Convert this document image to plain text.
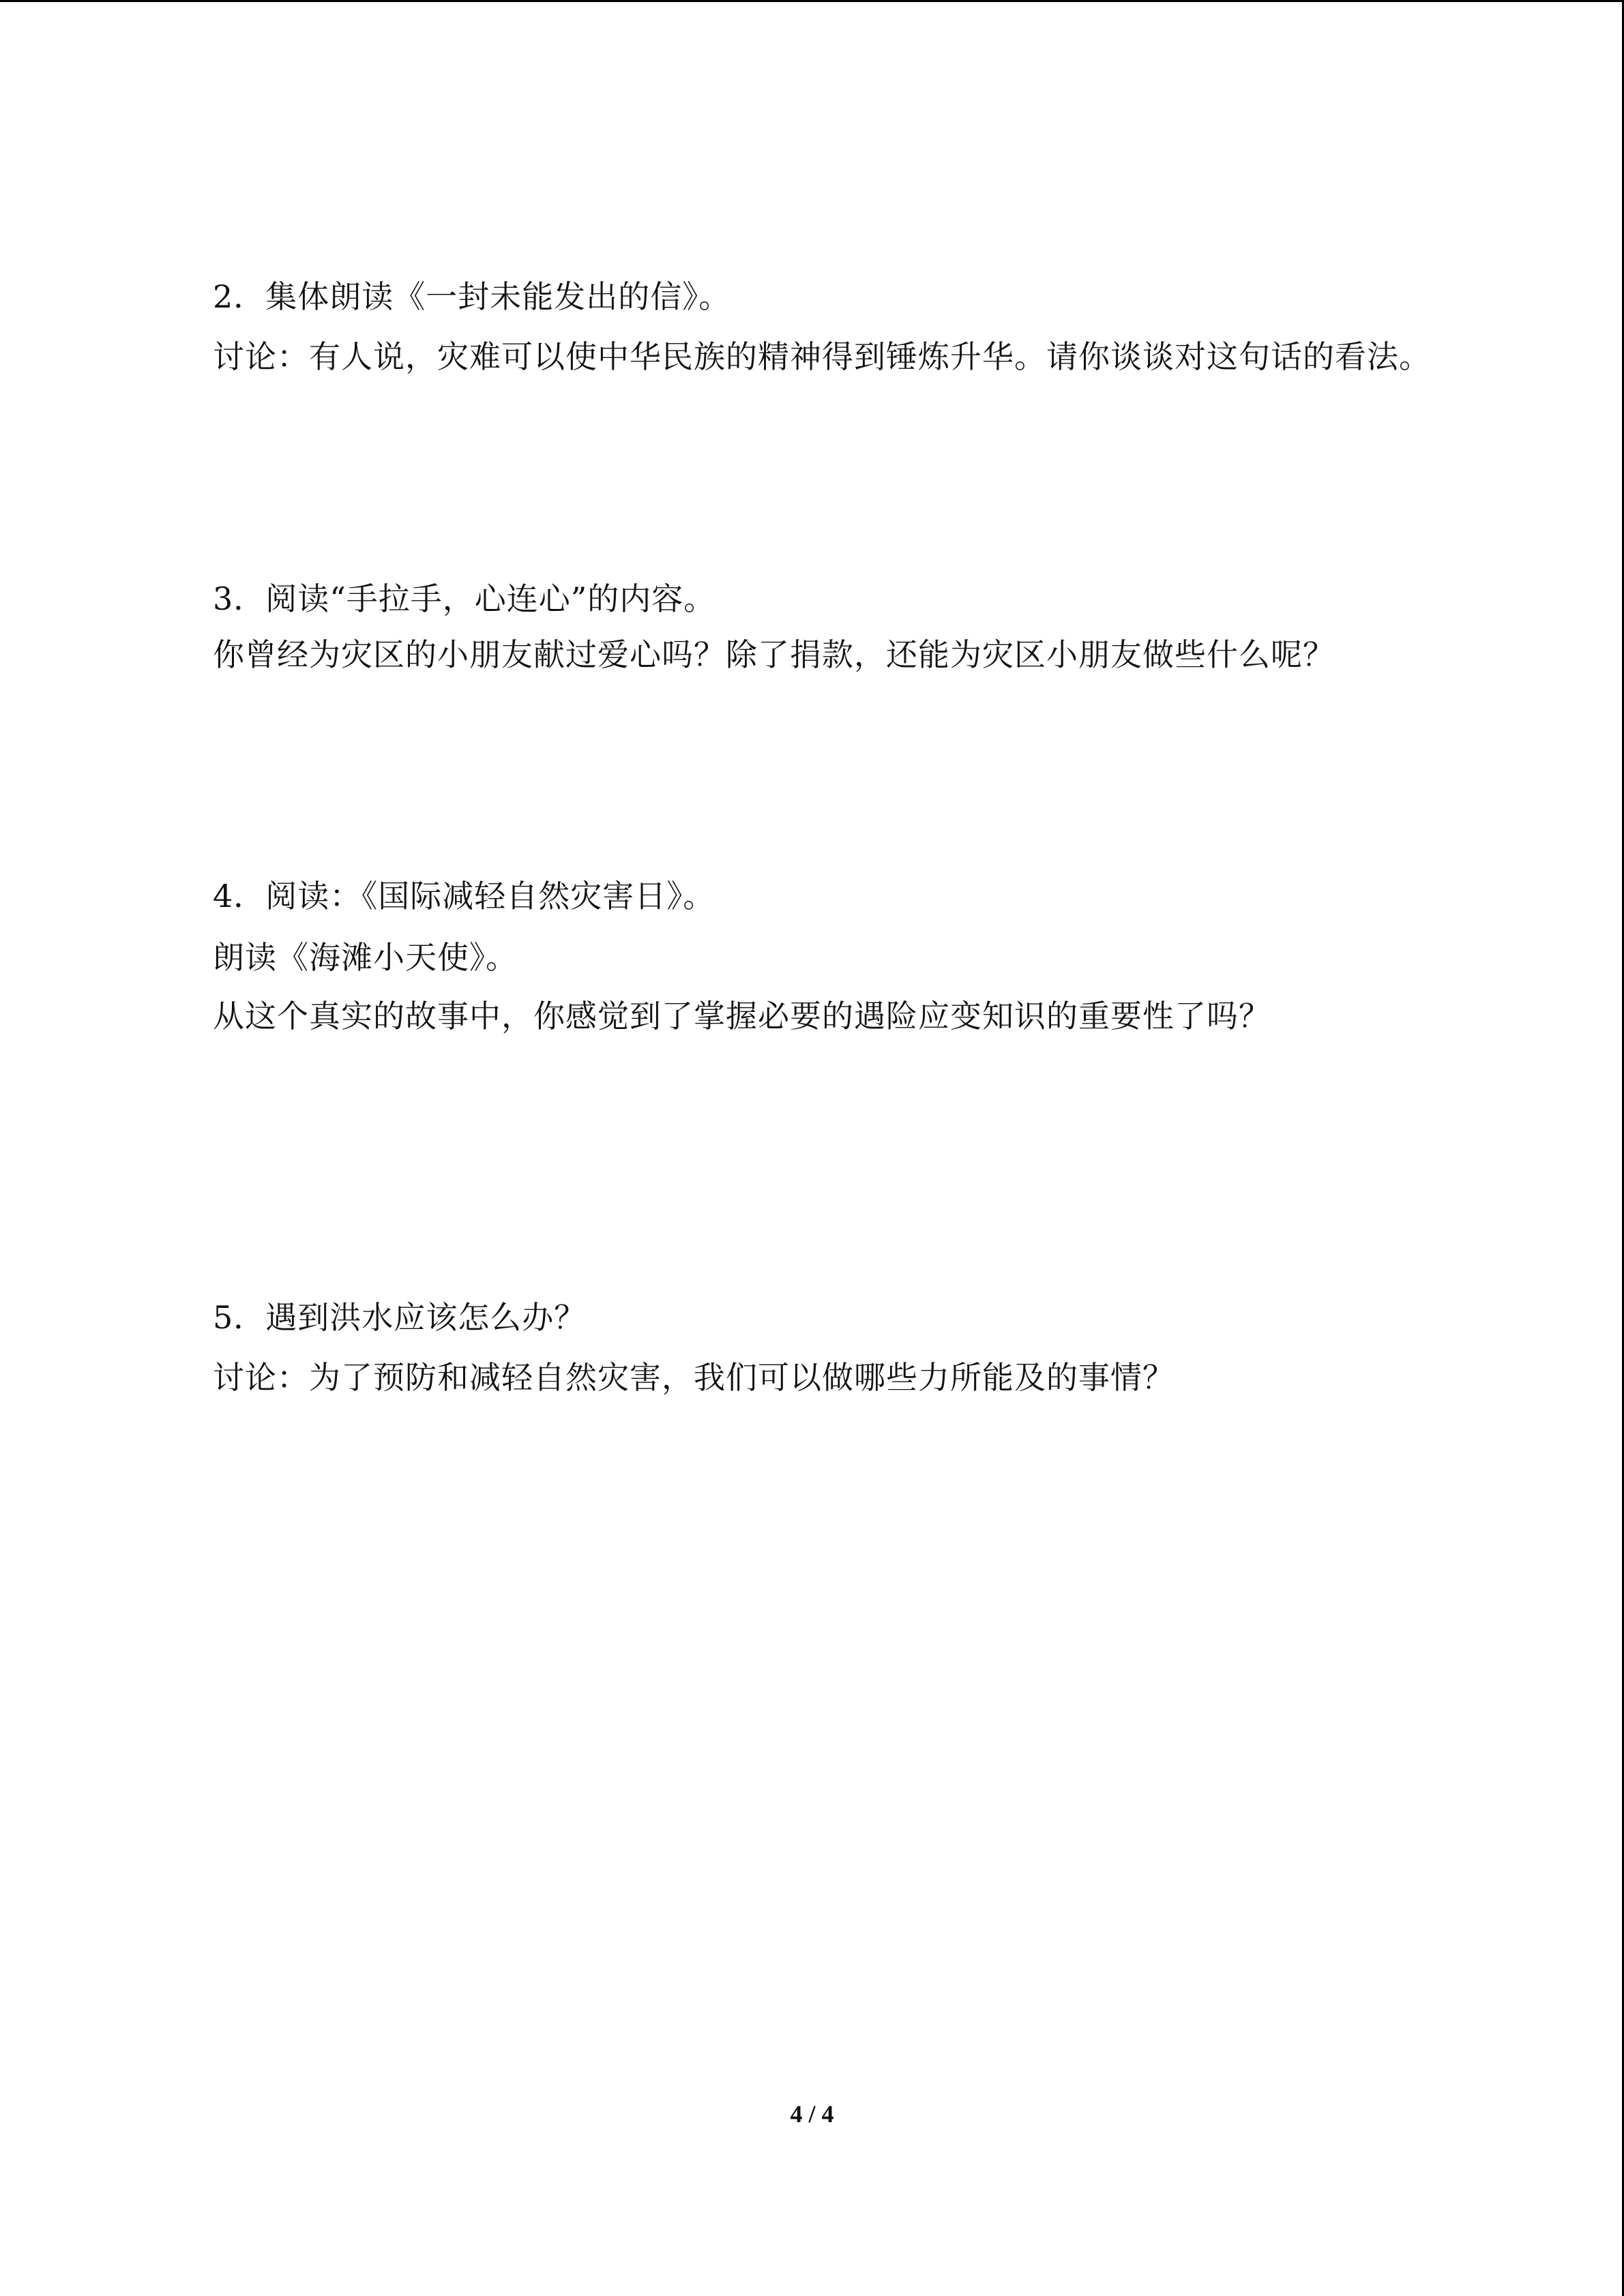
2．集体朗读《一封未能发出的信》。
讨论：有人说，灾难可以使中华民族的精神得到锤炼升华。请你谈谈对这句话的看法。
3．阅读“手拉手，心连心”的内容。
你曾经为灾区的小朋友献过爱心吗？除了捐款，还能为灾区小朋友做些什么呢？
4．阅读：《国际减轻自然灾害日》。
朗读《海滩小天使》。
从这个真实的故事中，你感觉到了掌握必要的遇险应变知识的重要性了吗？
5．遇到洪水应该怎么办？
讨论：为了预防和减轻自然灾害，我们可以做哪些力所能及的事情？
4 / 4
